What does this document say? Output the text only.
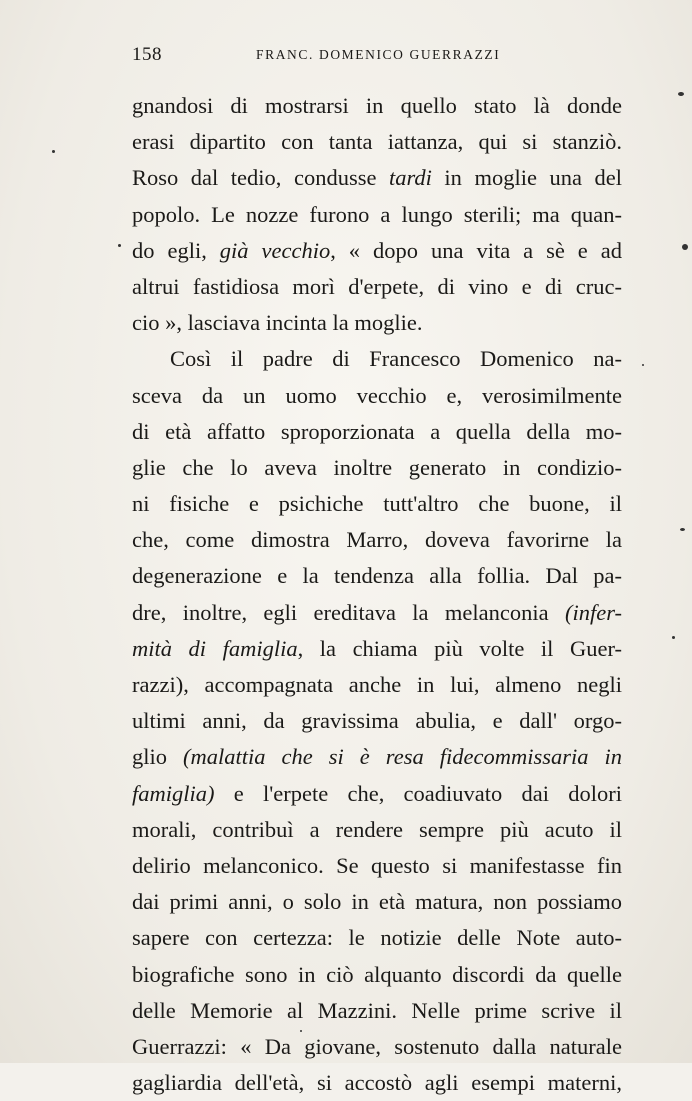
158	FRANC. DOMENICO GUERRAZZI
gnandosi di mostrarsi in quello stato là donde
erasi dipartito con tanta iattanza, qui si stanziò.
Roso dal tedio, condusse tardi in moglie una del
popolo. Le nozze furono a lungo sterili; ma quan-
do egli, già vecchio, « dopo una vita a sè e ad
altrui fastidiosa morì d'erpete, di vino e di cruc-
cio », lasciava incinta la moglie.
Così il padre di Francesco Domenico na-
sceva da un uomo vecchio e, verosimilmente
di età affatto sproporzionata a quella della mo-
glie che lo aveva inoltre generato in condizio-
ni fisiche e psichiche tutt'altro che buone, il
che, come dimostra Marro, doveva favorirne la
degenerazione e la tendenza alla follia. Dal pa-
dre, inoltre, egli ereditava la melanconia (infer-
mità di famiglia, la chiama più volte il Guer-
razzi), accompagnata anche in lui, almeno negli
ultimi anni, da gravissima abulia, e dall' orgo-
glio (malattia che si è resa fidecommissaria in
famiglia) e l'erpete che, coadiuvato dai dolori
morali, contribuì a rendere sempre più acuto il
delirio melanconico. Se questo si manifestasse fin
dai primi anni, o solo in età matura, non possiamo
sapere con certezza: le notizie delle Note auto-
biografiche sono in ciò alquanto discordi da quelle
delle Memorie al Mazzini. Nelle prime scrive il
Guerrazzi: « Da giovane, sostenuto dalla naturale
gagliardia dell'età, si accostò agli esempi materni,
